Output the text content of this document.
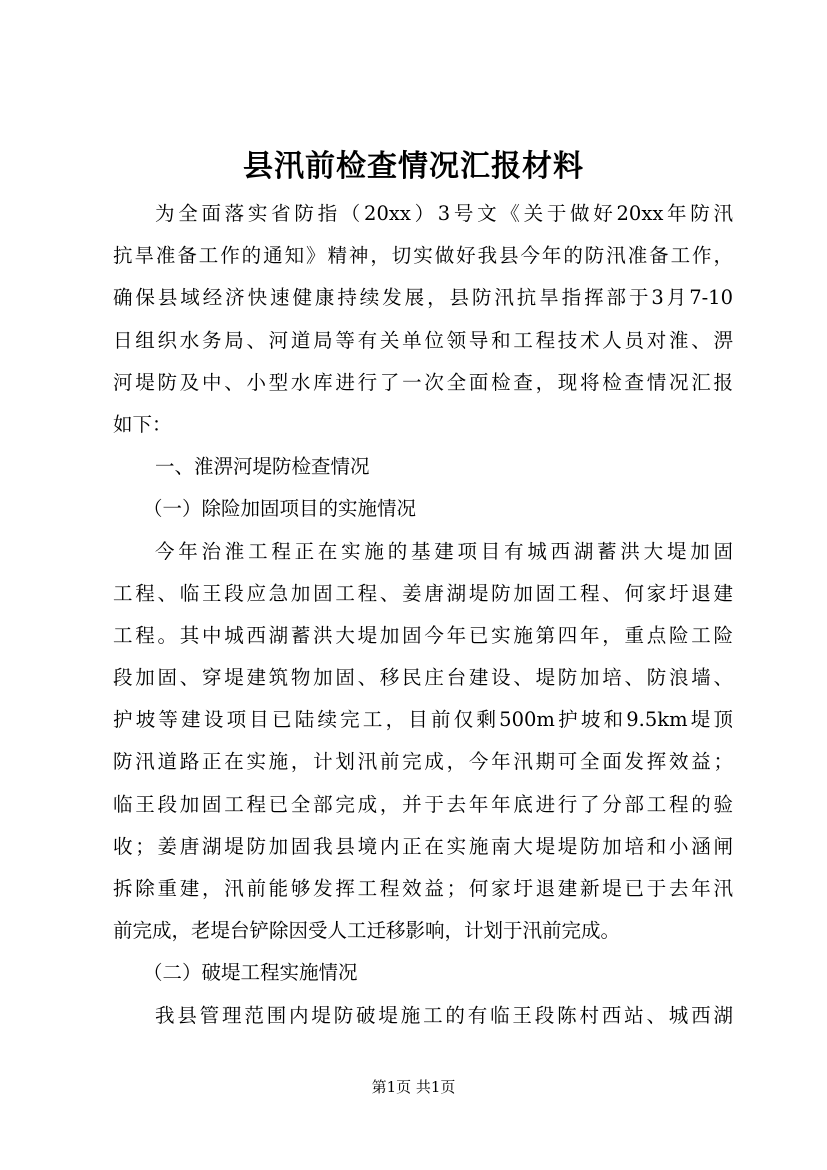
县汛前检查情况汇报材料
为全面落实省防指（20xx）3号文《关于做好20xx年防汛
抗旱准备工作的通知》精神，切实做好我县今年的防汛准备工作，
确保县域经济快速健康持续发展，县防汛抗旱指挥部于3月7-10
日组织水务局、河道局等有关单位领导和工程技术人员对淮、淠
河堤防及中、小型水库进行了一次全面检查，现将检查情况汇报
如下：
一、淮淠河堤防检查情况
（一）除险加固项目的实施情况
今年治淮工程正在实施的基建项目有城西湖蓄洪大堤加固
工程、临王段应急加固工程、姜唐湖堤防加固工程、何家圩退建
工程。其中城西湖蓄洪大堤加固今年已实施第四年，重点险工险
段加固、穿堤建筑物加固、移民庄台建设、堤防加培、防浪墙、
护坡等建设项目已陆续完工，目前仅剩500m护坡和9.5km堤顶
防汛道路正在实施，计划汛前完成，今年汛期可全面发挥效益；
临王段加固工程已全部完成，并于去年年底进行了分部工程的验
收；姜唐湖堤防加固我县境内正在实施南大堤堤防加培和小涵闸
拆除重建，汛前能够发挥工程效益；何家圩退建新堤已于去年汛
前完成，老堤台铲除因受人工迁移影响，计划于汛前完成。
（二）破堤工程实施情况
我县管理范围内堤防破堤施工的有临王段陈村西站、城西湖
第1页 共1页
